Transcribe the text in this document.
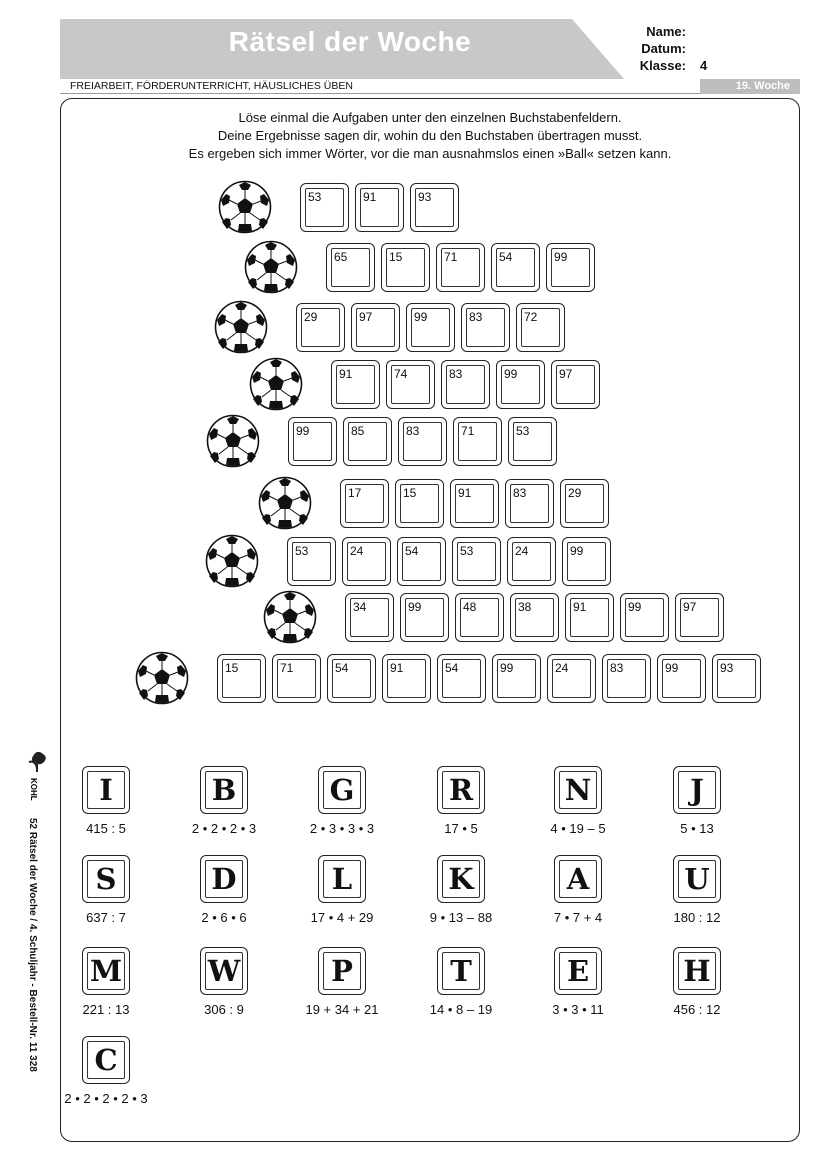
Rätsel der Woche	Name:
Datum:
Klasse: 4
FREIARBEIT, FÖRDERUNTERRICHT, HÄUSLICHES ÜBEN	19. Woche
Löse einmal die Aufgaben unter den einzelnen Buchstabenfeldern.
Deine Ergebnisse sagen dir, wohin du den Buchstaben übertragen musst.
Es ergeben sich immer Wörter, vor die man ausnahmslos einen »Ball« setzen kann.
53	91	93
65	15	71	54	99
29	97	99	83	72
91	74	83	99	97
99	85	83	71	53
17	15	91	83	29
53	24	54	53	24	99
34	99	48	38	91	99	97
15	71	54	91	54	99	24	83	99	93
I
415 : 5
B
2 • 2 • 2 • 3
G
2 • 3 • 3 • 3
R
17 • 5
N
4 • 19 – 5
J
5 • 13
S
637 : 7
D
2 • 6 • 6
L
17 • 4 + 29
K
9 • 13 – 88
A
7 • 7 + 4
U
180 : 12
M
221 : 13
W
306 : 9
P
19 + 34 + 21
T
14 • 8 – 19
E
3 • 3 • 11
H
456 : 12
C
2 • 2 • 2 • 2 • 3
KOHL
52 Rätsel der Woche / 4. Schuljahr - Bestell-Nr. 11 328
